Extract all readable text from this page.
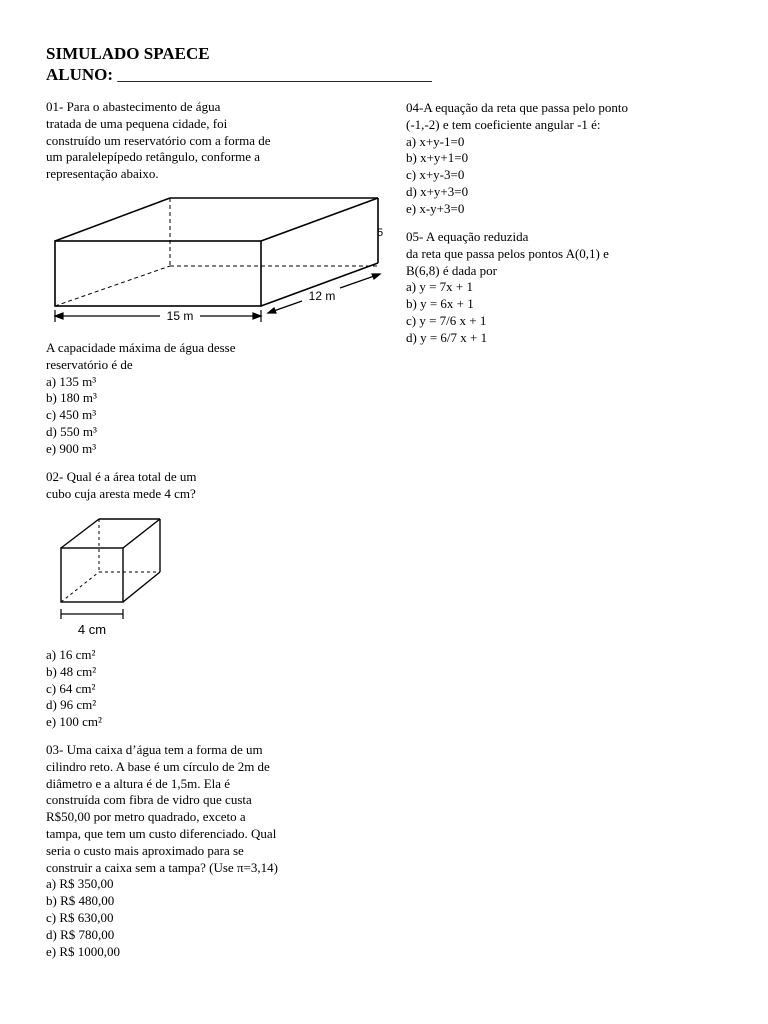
SIMULADO SPAECE
ALUNO: _____________________________________
01- Para o abastecimento de água
tratada de uma pequena cidade, foi
construído um reservatório com a forma de
um paralelepípedo retângulo, conforme a
representação abaixo.
15 m
12 m
5
A capacidade máxima de água desse
reservatório é de
a) 135 m³
b) 180 m³
c) 450 m³
d) 550 m³
e) 900 m³
02- Qual é a área total de um
cubo cuja aresta mede 4 cm?
4 cm
a) 16 cm²
b) 48 cm²
c) 64 cm²
d) 96 cm²
e) 100 cm²
03- Uma caixa d’água tem a forma de um
cilindro reto. A base é um círculo de 2m de
diâmetro e a altura é de 1,5m. Ela é
construída com fibra de vidro que custa
R$50,00 por metro quadrado, exceto a
tampa, que tem um custo diferenciado. Qual
seria o custo mais aproximado para se
construir a caixa sem a tampa? (Use π=3,14)
a) R$ 350,00
b) R$ 480,00
c) R$ 630,00
d) R$ 780,00
e) R$ 1000,00
04-A equação da reta que passa pelo ponto
(-1,-2) e tem coeficiente angular -1 é:
a) x+y-1=0
b) x+y+1=0
c) x+y-3=0
d) x+y+3=0
e) x-y+3=0
05- A equação reduzida
da reta que passa pelos pontos A(0,1) e
B(6,8) é dada por
a) y = 7x + 1
b) y = 6x + 1
c) y = 7/6 x + 1
d) y = 6/7 x + 1
